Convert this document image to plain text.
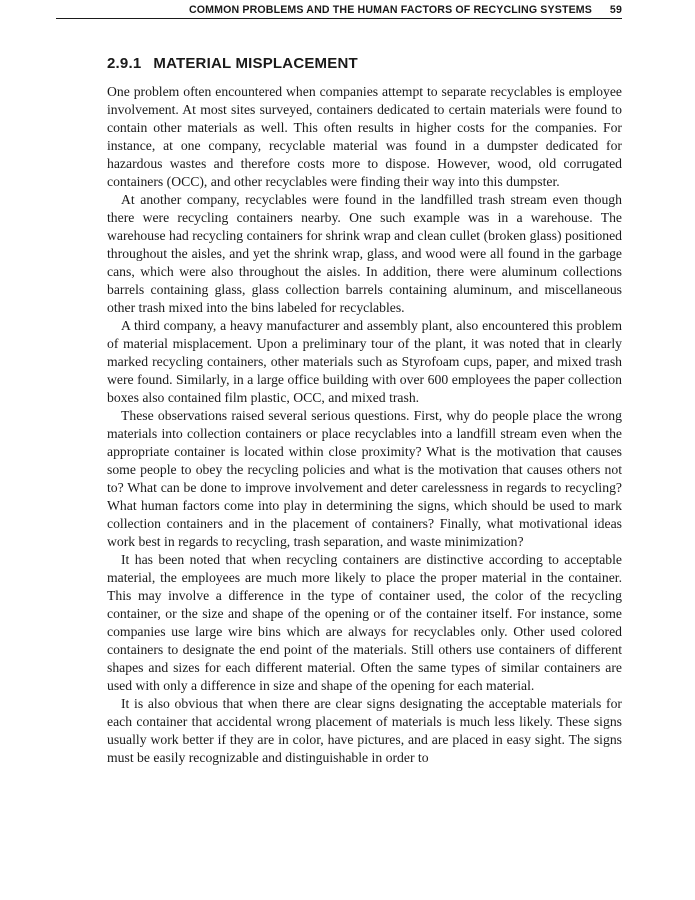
COMMON PROBLEMS AND THE HUMAN FACTORS OF RECYCLING SYSTEMS 59
2.9.1 MATERIAL MISPLACEMENT

One problem often encountered when companies attempt to separate recyclables is employee involvement. At most sites surveyed, containers dedicated to certain materials were found to contain other materials as well. This often results in higher costs for the companies. For instance, at one company, recyclable material was found in a dumpster dedicated for hazardous wastes and therefore costs more to dispose. However, wood, old corrugated containers (OCC), and other recyclables were finding their way into this dumpster.

At another company, recyclables were found in the landfilled trash stream even though there were recycling containers nearby. One such example was in a warehouse. The warehouse had recycling containers for shrink wrap and clean cullet (broken glass) positioned throughout the aisles, and yet the shrink wrap, glass, and wood were all found in the garbage cans, which were also throughout the aisles. In addition, there were aluminum collections barrels containing glass, glass collection barrels containing aluminum, and miscellaneous other trash mixed into the bins labeled for recyclables.

A third company, a heavy manufacturer and assembly plant, also encountered this problem of material misplacement. Upon a preliminary tour of the plant, it was noted that in clearly marked recycling containers, other materials such as Styrofoam cups, paper, and mixed trash were found. Similarly, in a large office building with over 600 employees the paper collection boxes also contained film plastic, OCC, and mixed trash.

These observations raised several serious questions. First, why do people place the wrong materials into collection containers or place recyclables into a landfill stream even when the appropriate container is located within close proximity? What is the motivation that causes some people to obey the recycling policies and what is the motivation that causes others not to? What can be done to improve involvement and deter carelessness in regards to recycling? What human factors come into play in determining the signs, which should be used to mark collection containers and in the placement of containers? Finally, what motivational ideas work best in regards to recycling, trash separation, and waste minimization?

It has been noted that when recycling containers are distinctive according to acceptable material, the employees are much more likely to place the proper material in the container. This may involve a difference in the type of container used, the color of the recycling container, or the size and shape of the opening or of the container itself. For instance, some companies use large wire bins which are always for recyclables only. Other used colored containers to designate the end point of the materials. Still others use containers of different shapes and sizes for each different material. Often the same types of similar containers are used with only a difference in size and shape of the opening for each material.

It is also obvious that when there are clear signs designating the acceptable materials for each container that accidental wrong placement of materials is much less likely. These signs usually work better if they are in color, have pictures, and are placed in easy sight. The signs must be easily recognizable and distinguishable in order to
